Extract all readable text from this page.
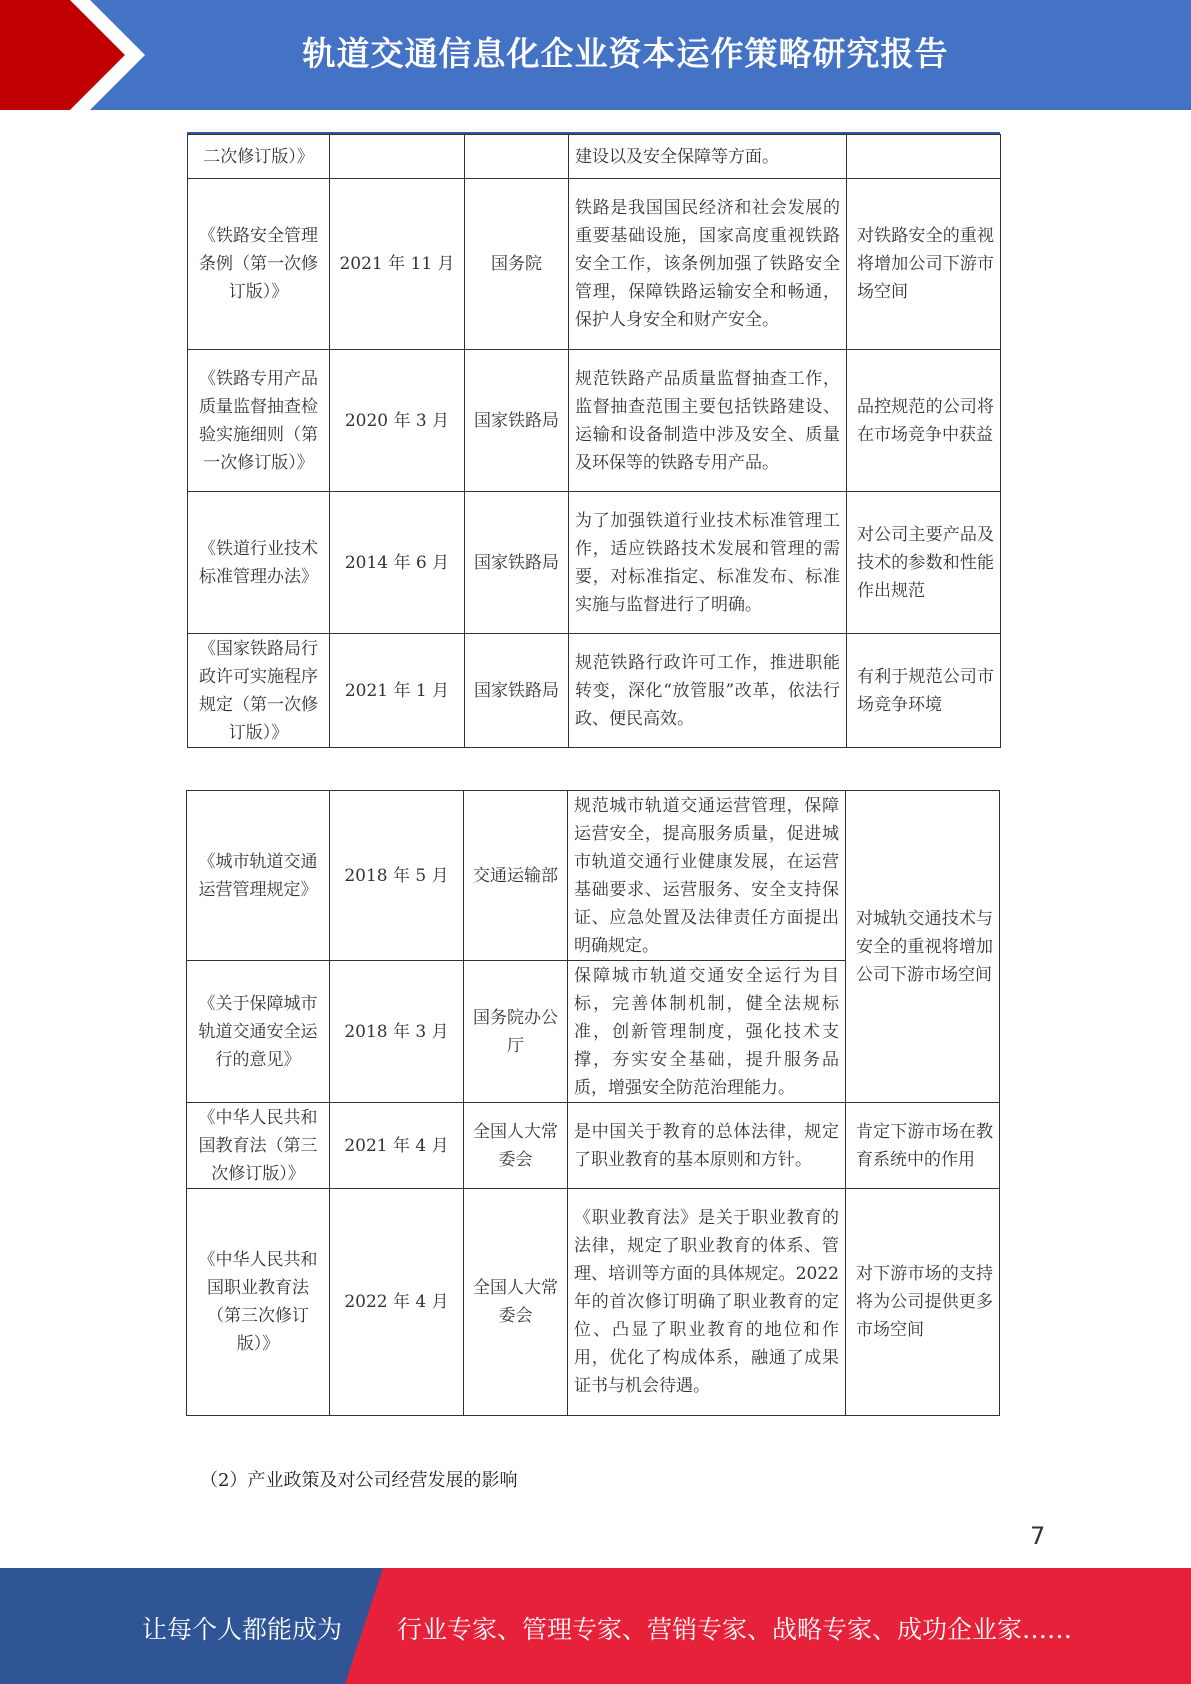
轨道交通信息化企业资本运作策略研究报告
二次修订版）》			建设以及安全保障等方面。	
《铁路安全管理条例（第一次修订版）》	2021 年 11 月	国务院	铁路是我国国民经济和社会发展的重要基础设施，国家高度重视铁路安全工作，该条例加强了铁路安全管理，保障铁路运输安全和畅通，保护人身安全和财产安全。	对铁路安全的重视将增加公司下游市场空间
《铁路专用产品质量监督抽查检验实施细则（第一次修订版）》	2020 年 3 月	国家铁路局	规范铁路产品质量监督抽查工作，监督抽查范围主要包括铁路建设、运输和设备制造中涉及安全、质量及环保等的铁路专用产品。	品控规范的公司将在市场竞争中获益
《铁道行业技术标准管理办法》	2014 年 6 月	国家铁路局	为了加强铁道行业技术标准管理工作，适应铁路技术发展和管理的需要，对标准指定、标准发布、标准实施与监督进行了明确。	对公司主要产品及技术的参数和性能作出规范
《国家铁路局行政许可实施程序规定（第一次修订版）》	2021 年 1 月	国家铁路局	规范铁路行政许可工作，推进职能转变，深化“放管服”改革，依法行政、便民高效。	有利于规范公司市场竞争环境
《城市轨道交通运营管理规定》	2018 年 5 月	交通运输部	规范城市轨道交通运营管理，保障运营安全，提高服务质量，促进城市轨道交通行业健康发展，在运营基础要求、运营服务、安全支持保证、应急处置及法律责任方面提出明确规定。	对城轨交通技术与安全的重视将增加公司下游市场空间
《关于保障城市轨道交通安全运行的意见》	2018 年 3 月	国务院办公厅	保障城市轨道交通安全运行为目标，完善体制机制，健全法规标准，创新管理制度，强化技术支撑，夯实安全基础，提升服务品质，增强安全防范治理能力。	
《中华人民共和国教育法（第三次修订版）》	2021 年 4 月	全国人大常委会	是中国关于教育的总体法律，规定了职业教育的基本原则和方针。	肯定下游市场在教育系统中的作用
《中华人民共和国职业教育法（第三次修订版）》	2022 年 4 月	全国人大常委会	《职业教育法》是关于职业教育的法律，规定了职业教育的体系、管理、培训等方面的具体规定。2022 年的首次修订明确了职业教育的定位、凸显了职业教育的地位和作用，优化了构成体系，融通了成果证书与机会待遇。	对下游市场的支持将为公司提供更多市场空间
（2）产业政策及对公司经营发展的影响
7
让每个人都能成为 行业专家、管理专家、营销专家、战略专家、成功企业家……
